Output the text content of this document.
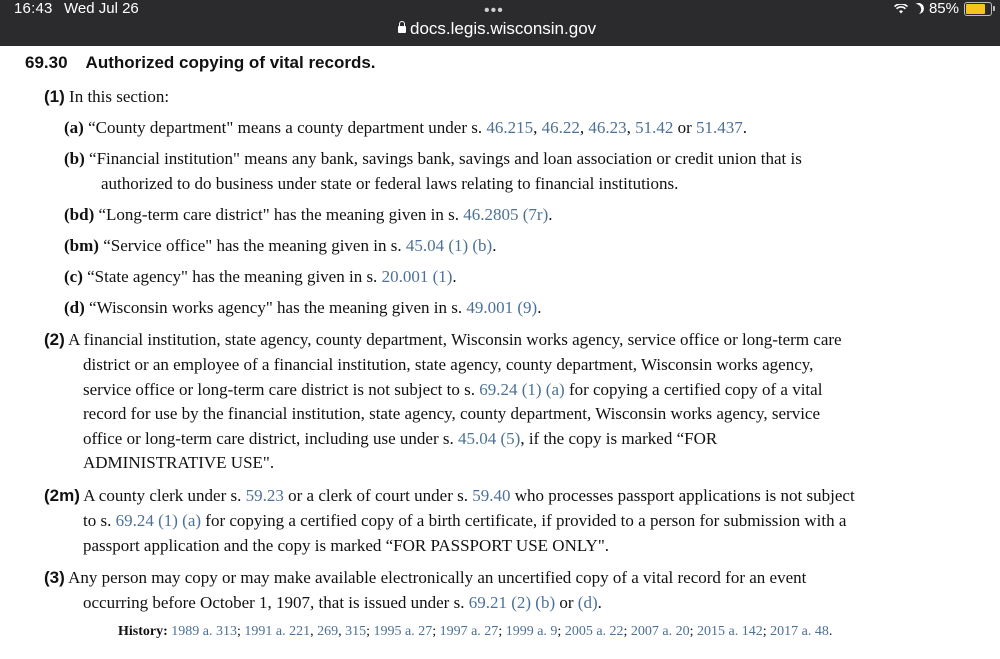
16:43 Wed Jul 26	•••
docs.legis.wisconsin.gov
85%
69.30 Authorized copying of vital records.
(1) In this section:
(a) “County department" means a county department under s. 46.215, 46.22, 46.23, 51.42 or 51.437.
(b) “Financial institution" means any bank, savings bank, savings and loan association or credit union that is
authorized to do business under state or federal laws relating to financial institutions.
(bd) “Long-term care district" has the meaning given in s. 46.2805 (7r).
(bm) “Service office" has the meaning given in s. 45.04 (1) (b).
(c) “State agency" has the meaning given in s. 20.001 (1).
(d) “Wisconsin works agency" has the meaning given in s. 49.001 (9).
(2) A financial institution, state agency, county department, Wisconsin works agency, service office or long-term care
district or an employee of a financial institution, state agency, county department, Wisconsin works agency,
service office or long-term care district is not subject to s. 69.24 (1) (a) for copying a certified copy of a vital
record for use by the financial institution, state agency, county department, Wisconsin works agency, service
office or long-term care district, including use under s. 45.04 (5), if the copy is marked “FOR
ADMINISTRATIVE USE".
(2m) A county clerk under s. 59.23 or a clerk of court under s. 59.40 who processes passport applications is not subject
to s. 69.24 (1) (a) for copying a certified copy of a birth certificate, if provided to a person for submission with a
passport application and the copy is marked “FOR PASSPORT USE ONLY".
(3) Any person may copy or may make available electronically an uncertified copy of a vital record for an event
occurring before October 1, 1907, that is issued under s. 69.21 (2) (b) or (d).
History: 1989 a. 313; 1991 a. 221, 269, 315; 1995 a. 27; 1997 a. 27; 1999 a. 9; 2005 a. 22; 2007 a. 20; 2015 a. 142; 2017 a. 48.
